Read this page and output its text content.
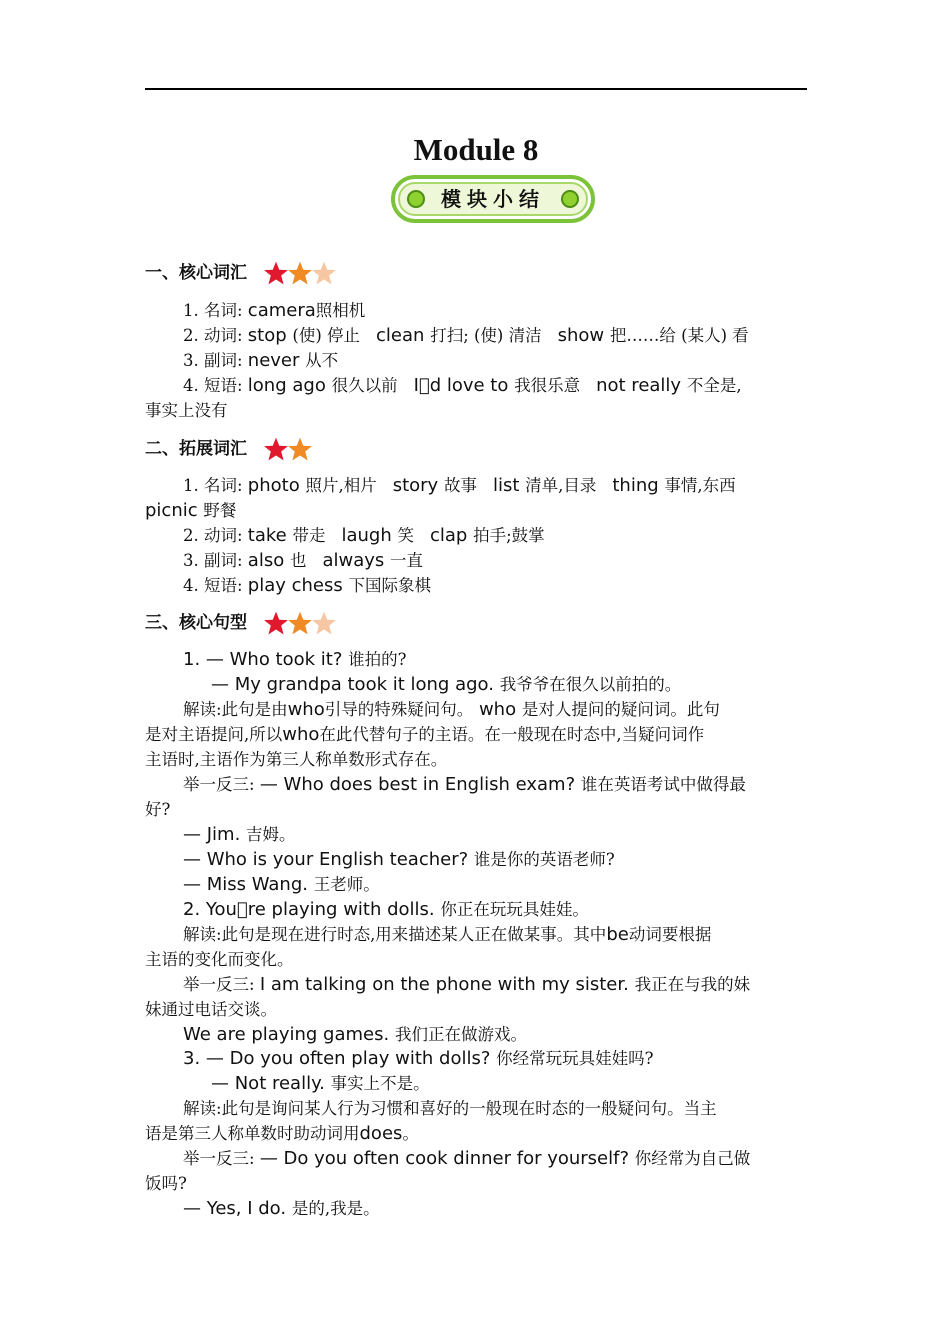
Module 8
模块小结
一、核心词汇
1. 名词: camera照相机
2. 动词: stop (使) 停止 clean 打扫; (使) 清洁 show 把……给 (某人) 看
3. 副词: never 从不
4. 短语: long ago 很久以前 I󰀀d love to 我很乐意 not really 不全是,
事实上没有
二、拓展词汇
1. 名词: photo 照片,相片 story 故事 list 清单,目录 thing 事情,东西
picnic 野餐
2. 动词: take 带走 laugh 笑 clap 拍手;鼓掌
3. 副词: also 也 always 一直
4. 短语: play chess 下国际象棋
三、核心句型
1. — Who took it? 谁拍的?
— My grandpa took it long ago. 我爷爷在很久以前拍的。
解读:此句是由who引导的特殊疑问句。 who 是对人提问的疑问词。此句
是对主语提问,所以who在此代替句子的主语。在一般现在时态中,当疑问词作
主语时,主语作为第三人称单数形式存在。
举一反三: — Who does best in English exam? 谁在英语考试中做得最
好?
— Jim. 吉姆。
— Who is your English teacher? 谁是你的英语老师?
— Miss Wang. 王老师。
2. You󰀀re playing with dolls. 你正在玩玩具娃娃。
解读:此句是现在进行时态,用来描述某人正在做某事。其中be动词要根据
主语的变化而变化。
举一反三: I am talking on the phone with my sister. 我正在与我的妹
妹通过电话交谈。
We are playing games. 我们正在做游戏。
3. — Do you often play with dolls? 你经常玩玩具娃娃吗?
— Not really. 事实上不是。
解读:此句是询问某人行为习惯和喜好的一般现在时态的一般疑问句。当主
语是第三人称单数时助动词用does。
举一反三: — Do you often cook dinner for yourself? 你经常为自己做
饭吗?
— Yes, I do. 是的,我是。
